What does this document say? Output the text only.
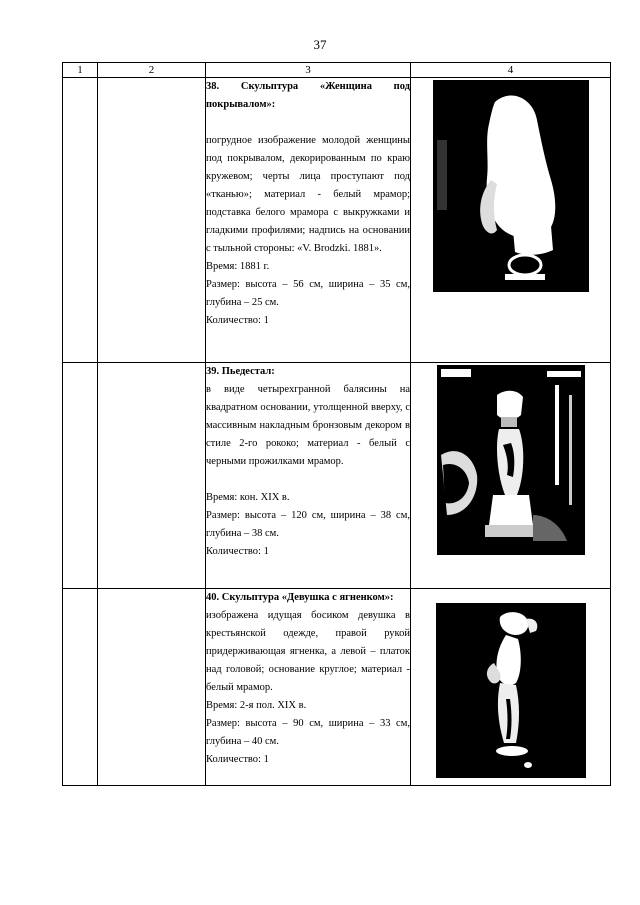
37
1	2	3	4

		38. Скульптура «Женщина под покрывалом»:

погрудное изображение молодой женщины под покрывалом, декорированным по краю кружевом; черты лица проступают под «тканью»; материал - белый мрамор; подставка белого мрамора с выкружками и гладкими профилями; надпись на основании с тыльной стороны: «V. Brodzki. 1881».

Время: 1881 г.

Размер: высота – 56 см, ширина – 35 см, глубина – 25 см.

Количество: 1

		39. Пьедестал:

в виде четырехгранной балясины на квадратном основании, утолщенной вверху, с массивным накладным бронзовым декором в стиле 2-го рококо; материал - белый с черными прожилками мрамор.

Время: кон. XIX в.

Размер: высота – 120 см, ширина – 38 см, глубина – 38 см.

Количество: 1

		40. Скульптура «Девушка с ягненком»:

изображена идущая босиком девушка в крестьянской одежде, правой рукой придерживающая ягненка, а левой – платок над головой; основание круглое; материал - белый мрамор.

Время: 2-я пол. XIX в.

Размер: высота – 90 см, ширина – 33 см, глубина – 40 см.

Количество: 1
